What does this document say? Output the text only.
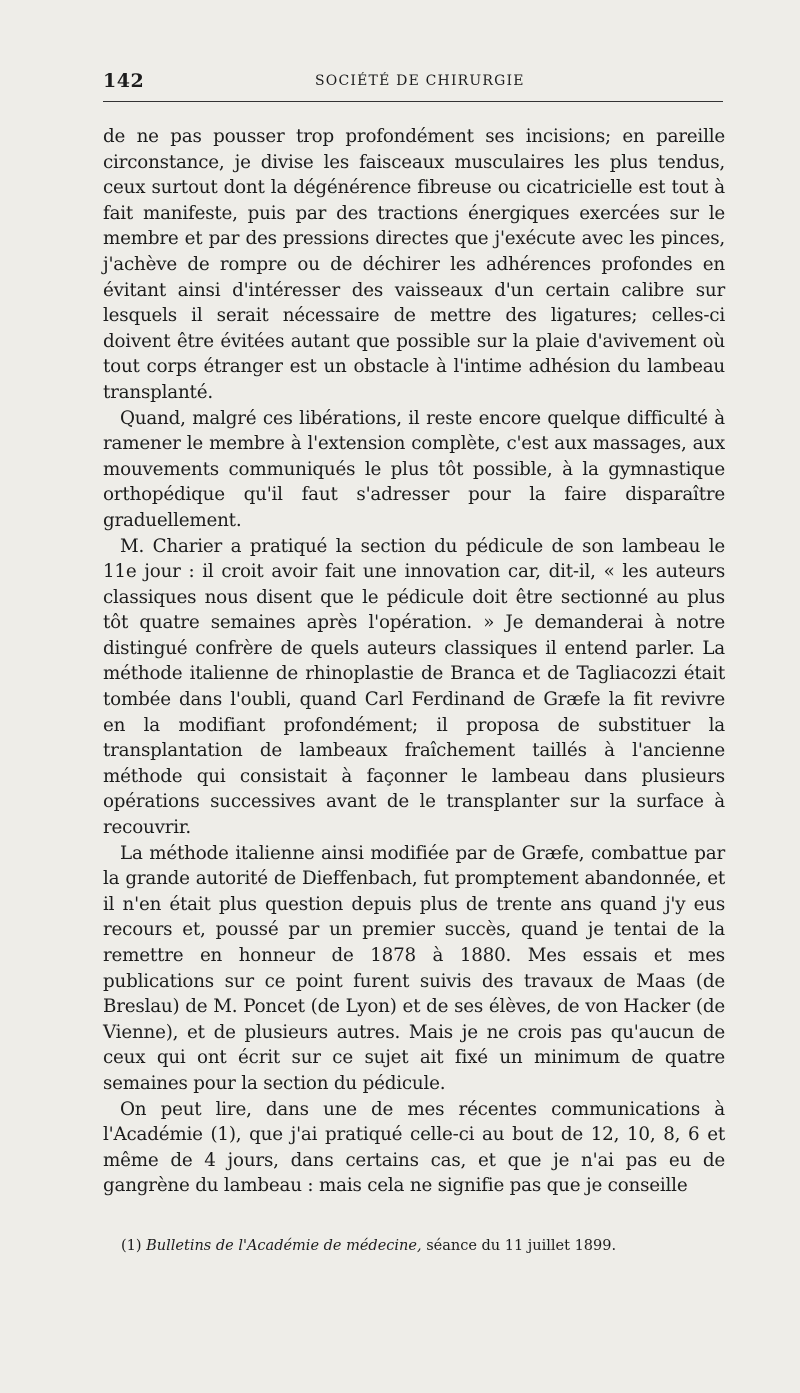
142	SOCIÉTÉ DE CHIRURGIE

de ne pas pousser trop profondément ses incisions; en pareille circonstance, je divise les faisceaux musculaires les plus tendus, ceux surtout dont la dégénérence fibreuse ou cicatricielle est tout à fait manifeste, puis par des tractions énergiques exercées sur le membre et par des pressions directes que j'exécute avec les pinces, j'achève de rompre ou de déchirer les adhérences profondes en évitant ainsi d'intéresser des vaisseaux d'un certain calibre sur lesquels il serait nécessaire de mettre des ligatures; celles-ci doivent être évitées autant que possible sur la plaie d'avivement où tout corps étranger est un obstacle à l'intime adhésion du lambeau transplanté.

Quand, malgré ces libérations, il reste encore quelque difficulté à ramener le membre à l'extension complète, c'est aux massages, aux mouvements communiqués le plus tôt possible, à la gymnastique orthopédique qu'il faut s'adresser pour la faire disparaître graduellement.

M. Charier a pratiqué la section du pédicule de son lambeau le 11e jour : il croit avoir fait une innovation car, dit-il, « les auteurs classiques nous disent que le pédicule doit être sectionné au plus tôt quatre semaines après l'opération. » Je demanderai à notre distingué confrère de quels auteurs classiques il entend parler. La méthode italienne de rhinoplastie de Branca et de Tagliacozzi était tombée dans l'oubli, quand Carl Ferdinand de Græfe la fit revivre en la modifiant profondément; il proposa de substituer la transplantation de lambeaux fraîchement taillés à l'ancienne méthode qui consistait à façonner le lambeau dans plusieurs opérations successives avant de le transplanter sur la surface à recouvrir.

La méthode italienne ainsi modifiée par de Græfe, combattue par la grande autorité de Dieffenbach, fut promptement abandonnée, et il n'en était plus question depuis plus de trente ans quand j'y eus recours et, poussé par un premier succès, quand je tentai de la remettre en honneur de 1878 à 1880. Mes essais et mes publications sur ce point furent suivis des travaux de Maas (de Breslau) de M. Poncet (de Lyon) et de ses élèves, de von Hacker (de Vienne), et de plusieurs autres. Mais je ne crois pas qu'aucun de ceux qui ont écrit sur ce sujet ait fixé un minimum de quatre semaines pour la section du pédicule.

On peut lire, dans une de mes récentes communications à l'Académie (1), que j'ai pratiqué celle-ci au bout de 12, 10, 8, 6 et même de 4 jours, dans certains cas, et que je n'ai pas eu de gangrène du lambeau : mais cela ne signifie pas que je conseille

(1) Bulletins de l'Académie de médecine, séance du 11 juillet 1899.
